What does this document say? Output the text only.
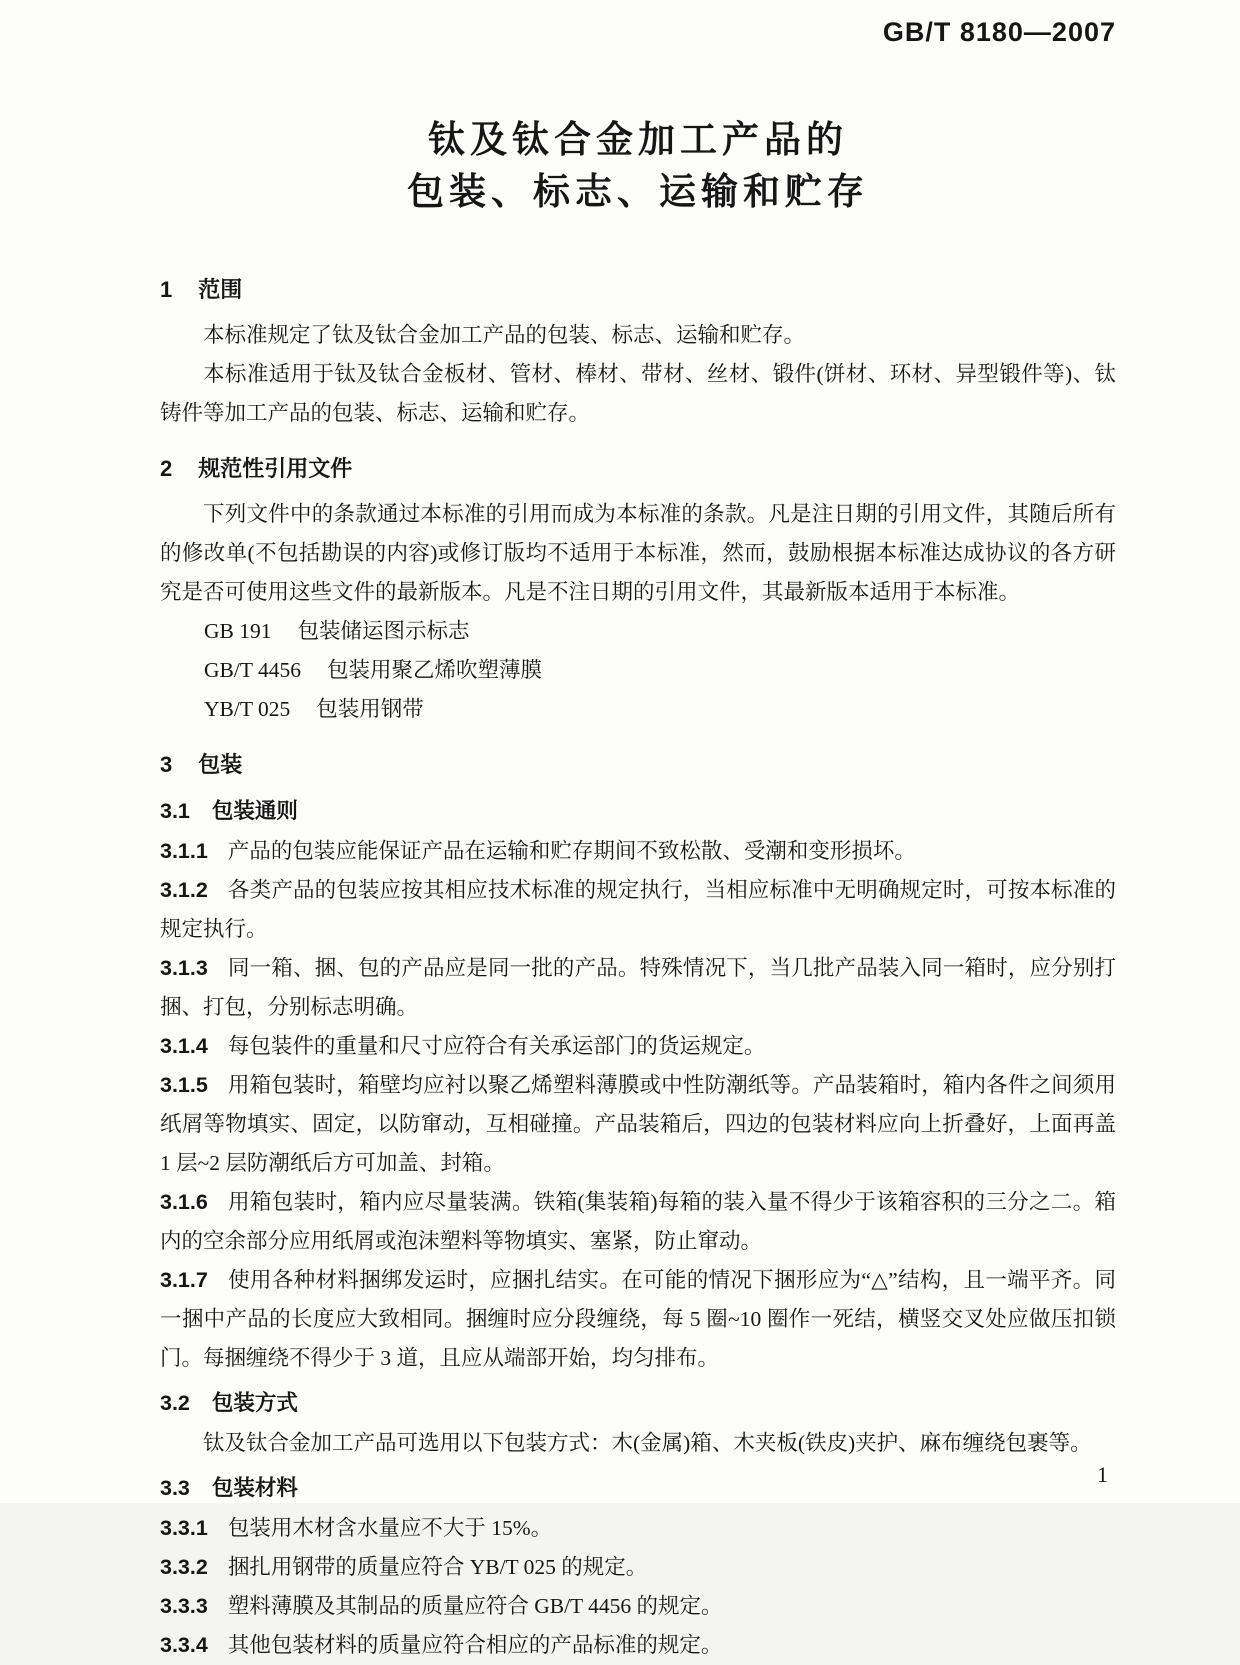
GB/T 8180—2007
钛及钛合金加工产品的
包装、标志、运输和贮存
1 范围

本标准规定了钛及钛合金加工产品的包装、标志、运输和贮存。

本标准适用于钛及钛合金板材、管材、棒材、带材、丝材、锻件(饼材、环材、异型锻件等)、钛铸件等加工产品的包装、标志、运输和贮存。

2 规范性引用文件

下列文件中的条款通过本标准的引用而成为本标准的条款。凡是注日期的引用文件，其随后所有的修改单(不包括勘误的内容)或修订版均不适用于本标准，然而，鼓励根据本标准达成协议的各方研究是否可使用这些文件的最新版本。凡是不注日期的引用文件，其最新版本适用于本标准。

GB 191 包装储运图示标志

GB/T 4456 包装用聚乙烯吹塑薄膜

YB/T 025 包装用钢带

3 包装
3.1 包装通则

3.1.1 产品的包装应能保证产品在运输和贮存期间不致松散、受潮和变形损坏。

3.1.2 各类产品的包装应按其相应技术标准的规定执行，当相应标准中无明确规定时，可按本标准的规定执行。

3.1.3 同一箱、捆、包的产品应是同一批的产品。特殊情况下，当几批产品装入同一箱时，应分别打捆、打包，分别标志明确。

3.1.4 每包装件的重量和尺寸应符合有关承运部门的货运规定。

3.1.5 用箱包装时，箱壁均应衬以聚乙烯塑料薄膜或中性防潮纸等。产品装箱时，箱内各件之间须用纸屑等物填实、固定，以防窜动，互相碰撞。产品装箱后，四边的包装材料应向上折叠好，上面再盖 1 层~2 层防潮纸后方可加盖、封箱。

3.1.6 用箱包装时，箱内应尽量装满。铁箱(集装箱)每箱的装入量不得少于该箱容积的三分之二。箱内的空余部分应用纸屑或泡沫塑料等物填实、塞紧，防止窜动。

3.1.7 使用各种材料捆绑发运时，应捆扎结实。在可能的情况下捆形应为“△”结构，且一端平齐。同一捆中产品的长度应大致相同。捆缠时应分段缠绕，每 5 圈~10 圈作一死结，横竖交叉处应做压扣锁门。每捆缠绕不得少于 3 道，且应从端部开始，均匀排布。

3.2 包装方式

钛及钛合金加工产品可选用以下包装方式：木(金属)箱、木夹板(铁皮)夹护、麻布缠绕包裹等。

3.3 包装材料

3.3.1 包装用木材含水量应不大于 15%。

3.3.2 捆扎用钢带的质量应符合 YB/T 025 的规定。

3.3.3 塑料薄膜及其制品的质量应符合 GB/T 4456 的规定。

3.3.4 其他包装材料的质量应符合相应的产品标准的规定。

1
